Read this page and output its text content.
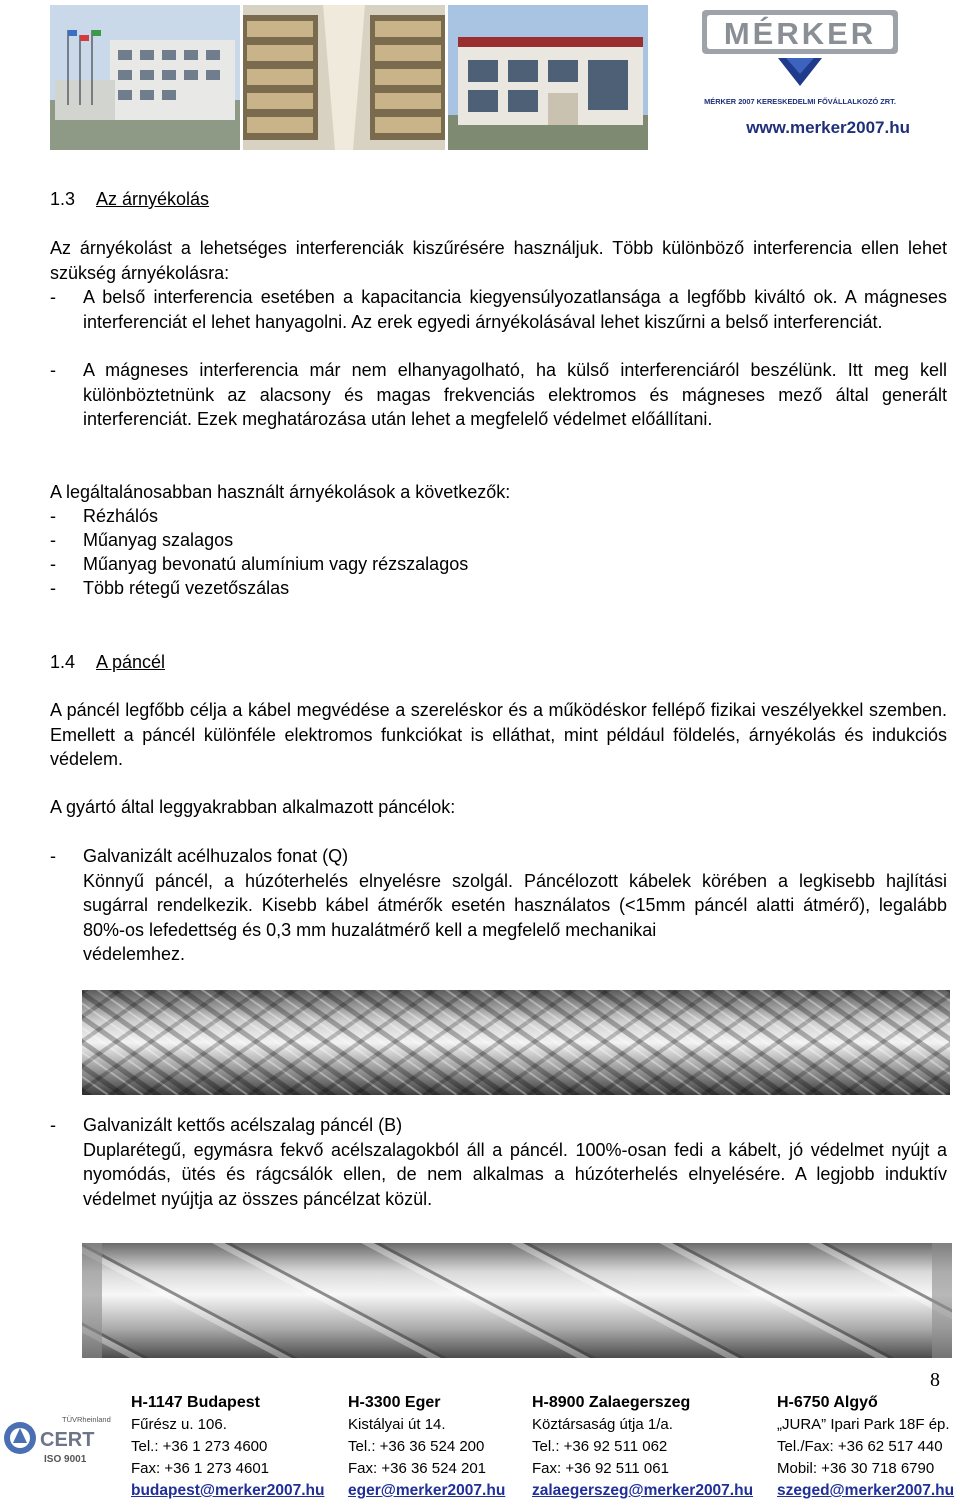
MÉRKER
MÉRKER 2007 KERESKEDELMI FŐVÁLLALKOZÓ ZRT.
www.merker2007.hu
1.3 Az árnyékolás
Az árnyékolást a lehetséges interferenciák kiszűrésére használjuk. Több különböző interferencia ellen lehet szükség árnyékolásra:
- A belső interferencia esetében a kapacitancia kiegyensúlyozatlansága a legfőbb kiváltó ok. A mágneses interferenciát el lehet hanyagolni. Az erek egyedi árnyékolásával lehet kiszűrni a belső interferenciát.
- A mágneses interferencia már nem elhanyagolható, ha külső interferenciáról beszélünk. Itt meg kell különböztetnünk az alacsony és magas frekvenciás elektromos és mágneses mező által generált interferenciát. Ezek meghatározása után lehet a megfelelő védelmet előállítani.
A legáltalánosabban használt árnyékolások a következők:
- Rézhálós
- Műanyag szalagos
- Műanyag bevonatú alumínium vagy rézszalagos
- Több rétegű vezetőszálas
1.4 A páncél
A páncél legfőbb célja a kábel megvédése a szereléskor és a működéskor fellépő fizikai veszélyekkel szemben. Emellett a páncél különféle elektromos funkciókat is elláthat, mint például földelés, árnyékolás és indukciós védelem.
A gyártó által leggyakrabban alkalmazott páncélok:
- Galvanizált acélhuzalos fonat (Q)

Könnyű páncél, a húzóterhelés elnyelésre szolgál. Páncélozott kábelek körében a legkisebb hajlítási sugárral rendelkezik. Kisebb kábel átmérők esetén használatos (<15mm páncél alatti átmérő), legalább 80%-os lefedettség és 0,3 mm huzalátmérő kell a megfelelő mechanikai

védelemhez.

- Galvanizált kettős acélszalag páncél (B)

Duplarétegű, egymásra fekvő acélszalagokból áll a páncél. 100%-osan fedi a kábelt, jó védelmet nyújt a nyomódás, ütés és rágcsálók ellen, de nem alkalmas a húzóterhelés elnyelésére. A legjobb induktív védelmet nyújtja az összes páncélzat közül.

8
TÜVRheinland
CERT
ISO 9001
H-1147 Budapest
Fűrész u. 106.
Tel.: +36 1 273 4600
Fax: +36 1 273 4601
budapest@merker2007.hu
H-3300 Eger
Kistályai út 14.
Tel.: +36 36 524 200
Fax: +36 36 524 201
eger@merker2007.hu
H-8900 Zalaegerszeg
Köztársaság útja 1/a.
Tel.: +36 92 511 062
Fax: +36 92 511 061
zalaegerszeg@merker2007.hu
H-6750 Algyő
„JURA” Ipari Park 18F ép.
Tel./Fax: +36 62 517 440
Mobil: +36 30 718 6790
szeged@merker2007.hu
